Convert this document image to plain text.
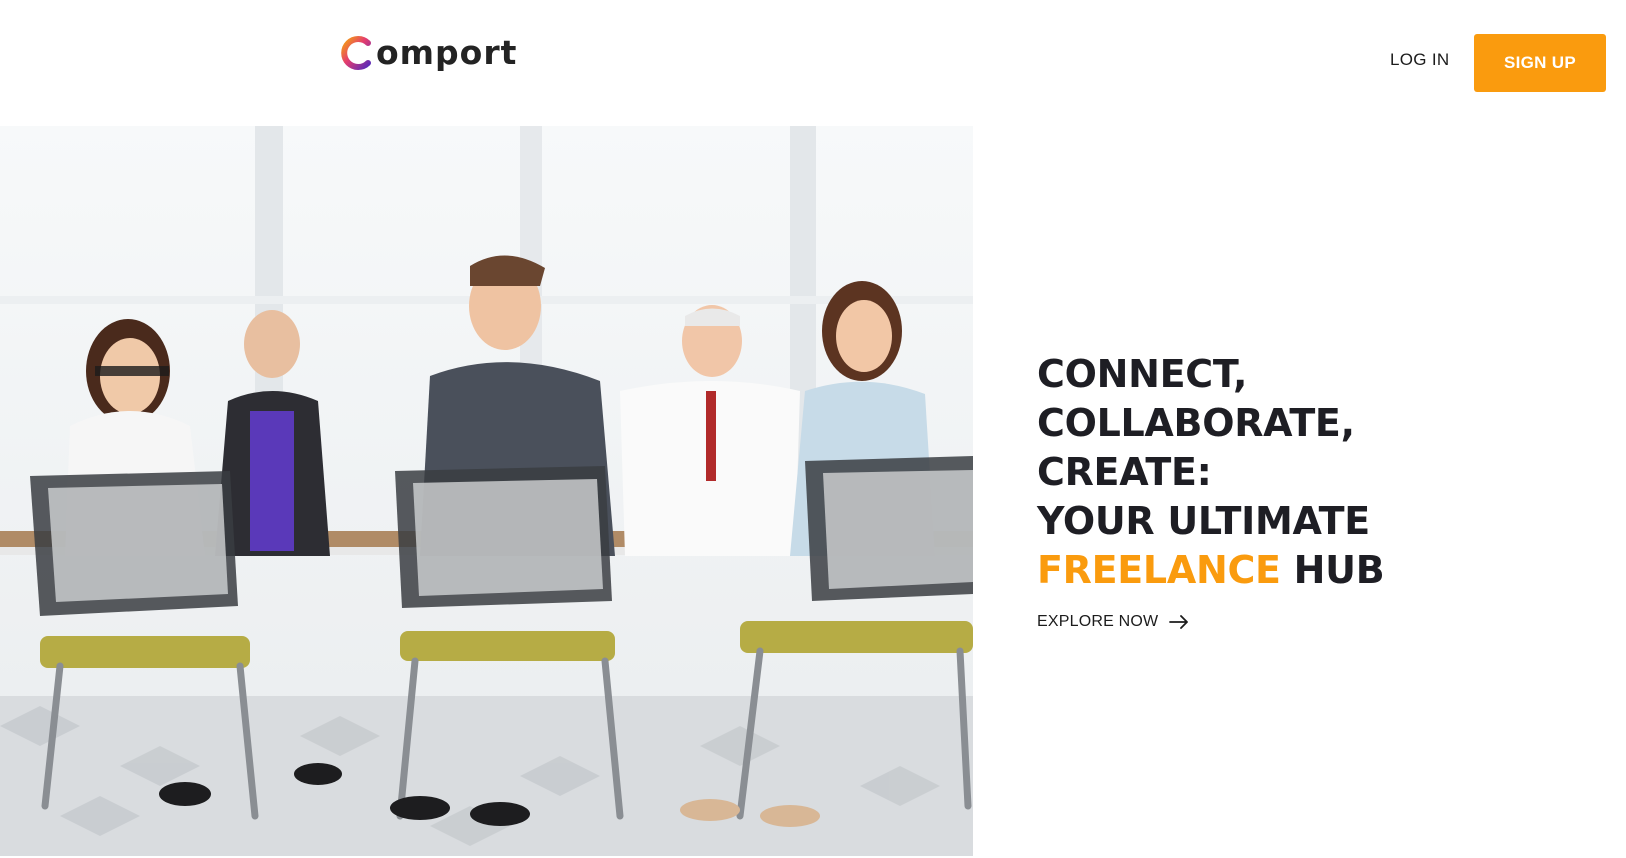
omport	LOG IN	SIGN UP
CONNECT,
COLLABORATE,
CREATE:
YOUR ULTIMATE
FREELANCE HUB
EXPLORE NOW
